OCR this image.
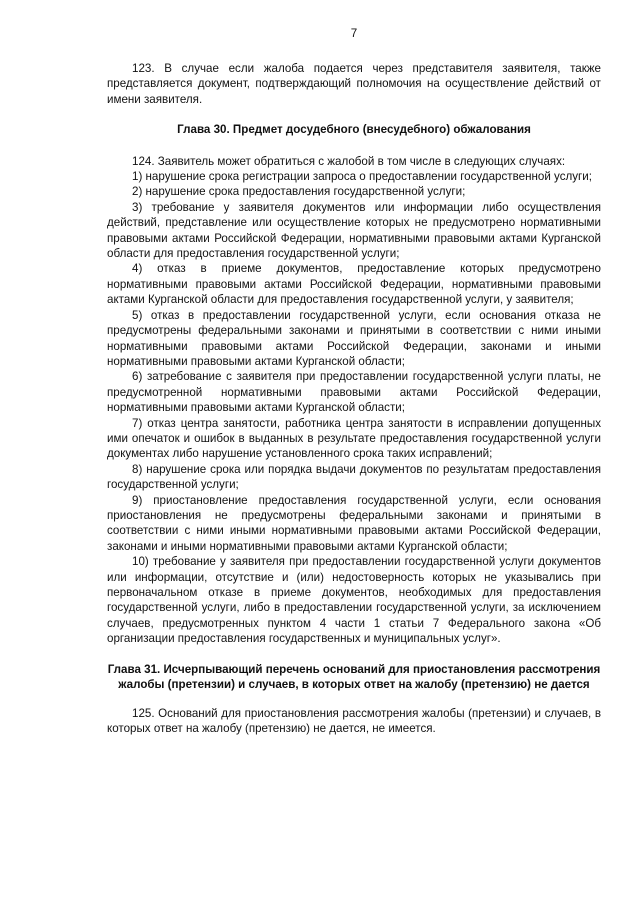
7

123. В случае если жалоба подается через представителя заявителя, также представляется документ, подтверждающий полномочия на осуществление действий от имени заявителя.

Глава 30. Предмет досудебного (внесудебного) обжалования

124. Заявитель может обратиться с жалобой в том числе в следующих случаях:

1) нарушение срока регистрации запроса о предоставлении государственной услуги;

2) нарушение срока предоставления государственной услуги;

3) требование у заявителя документов или информации либо осуществления действий, представление или осуществление которых не предусмотрено нормативными правовыми актами Российской Федерации, нормативными правовыми актами Курганской области для предоставления государственной услуги;

4) отказ в приеме документов, предоставление которых предусмотрено нормативными правовыми актами Российской Федерации, нормативными правовыми актами Курганской области для предоставления государственной услуги, у заявителя;

5) отказ в предоставлении государственной услуги, если основания отказа не предусмотрены федеральными законами и принятыми в соответствии с ними иными нормативными правовыми актами Российской Федерации, законами и иными нормативными правовыми актами Курганской области;

6) затребование с заявителя при предоставлении государственной услуги платы, не предусмотренной нормативными правовыми актами Российской Федерации, нормативными правовыми актами Курганской области;

7) отказ центра занятости, работника центра занятости в исправлении допущенных ими опечаток и ошибок в выданных в результате предоставления государственной услуги документах либо нарушение установленного срока таких исправлений;

8) нарушение срока или порядка выдачи документов по результатам предоставления государственной услуги;

9) приостановление предоставления государственной услуги, если основания приостановления не предусмотрены федеральными законами и принятыми в соответствии с ними иными нормативными правовыми актами Российской Федерации, законами и иными нормативными правовыми актами Курганской области;

10) требование у заявителя при предоставлении государственной услуги документов или информации, отсутствие и (или) недостоверность которых не указывались при первоначальном отказе в приеме документов, необходимых для предоставления государственной услуги, либо в предоставлении государственной услуги, за исключением случаев, предусмотренных пунктом 4 части 1 статьи 7 Федерального закона «Об организации предоставления государственных и муниципальных услуг».

Глава 31. Исчерпывающий перечень оснований для приостановления рассмотрения жалобы (претензии) и случаев, в которых ответ на жалобу (претензию) не дается

125. Оснований для приостановления рассмотрения жалобы (претензии) и случаев, в которых ответ на жалобу (претензию) не дается, не имеется.
